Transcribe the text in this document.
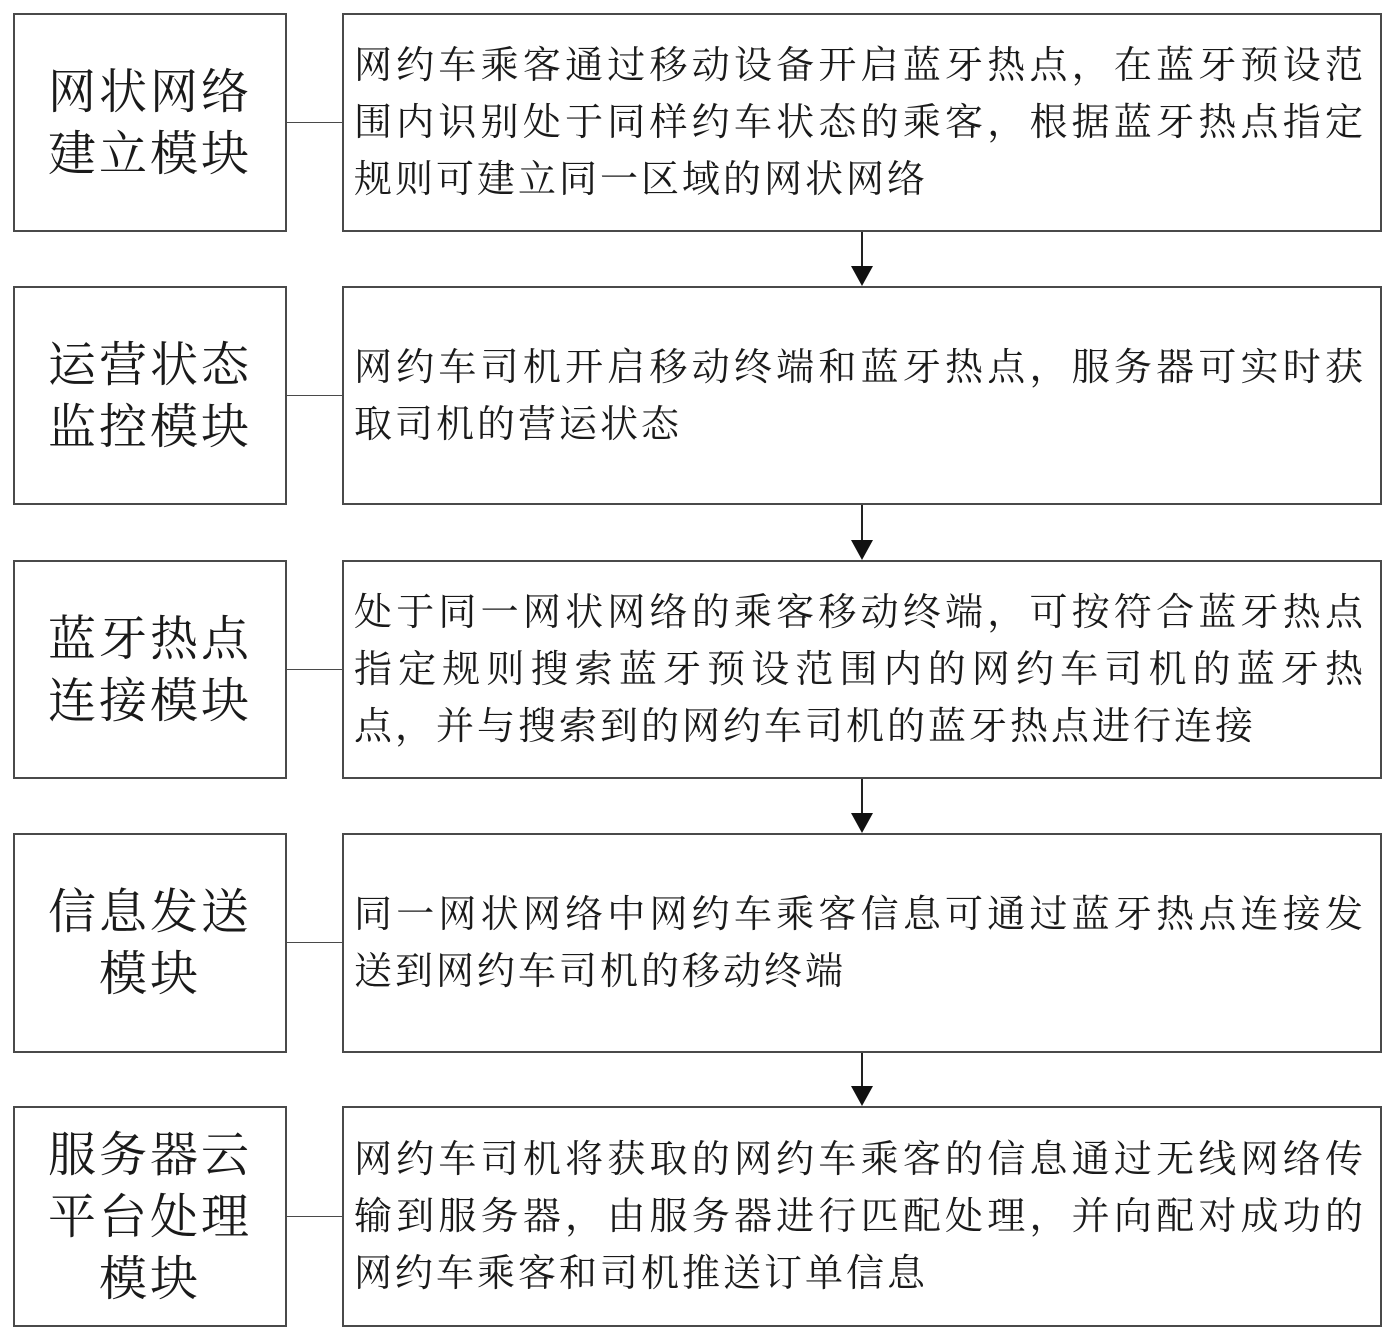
网状网络建立模块
网约车乘客通过移动设备开启蓝牙热点，在蓝牙预设范围内识别处于同样约车状态的乘客，根据蓝牙热点指定规则可建立同一区域的网状网络
运营状态监控模块
网约车司机开启移动终端和蓝牙热点，服务器可实时获取司机的营运状态
蓝牙热点连接模块
处于同一网状网络的乘客移动终端，可按符合蓝牙热点指定规则搜索蓝牙预设范围内的网约车司机的蓝牙热点，并与搜索到的网约车司机的蓝牙热点进行连接
信息发送模块
同一网状网络中网约车乘客信息可通过蓝牙热点连接发送到网约车司机的移动终端
服务器云平台处理模块
网约车司机将获取的网约车乘客的信息通过无线网络传输到服务器，由服务器进行匹配处理，并向配对成功的网约车乘客和司机推送订单信息
